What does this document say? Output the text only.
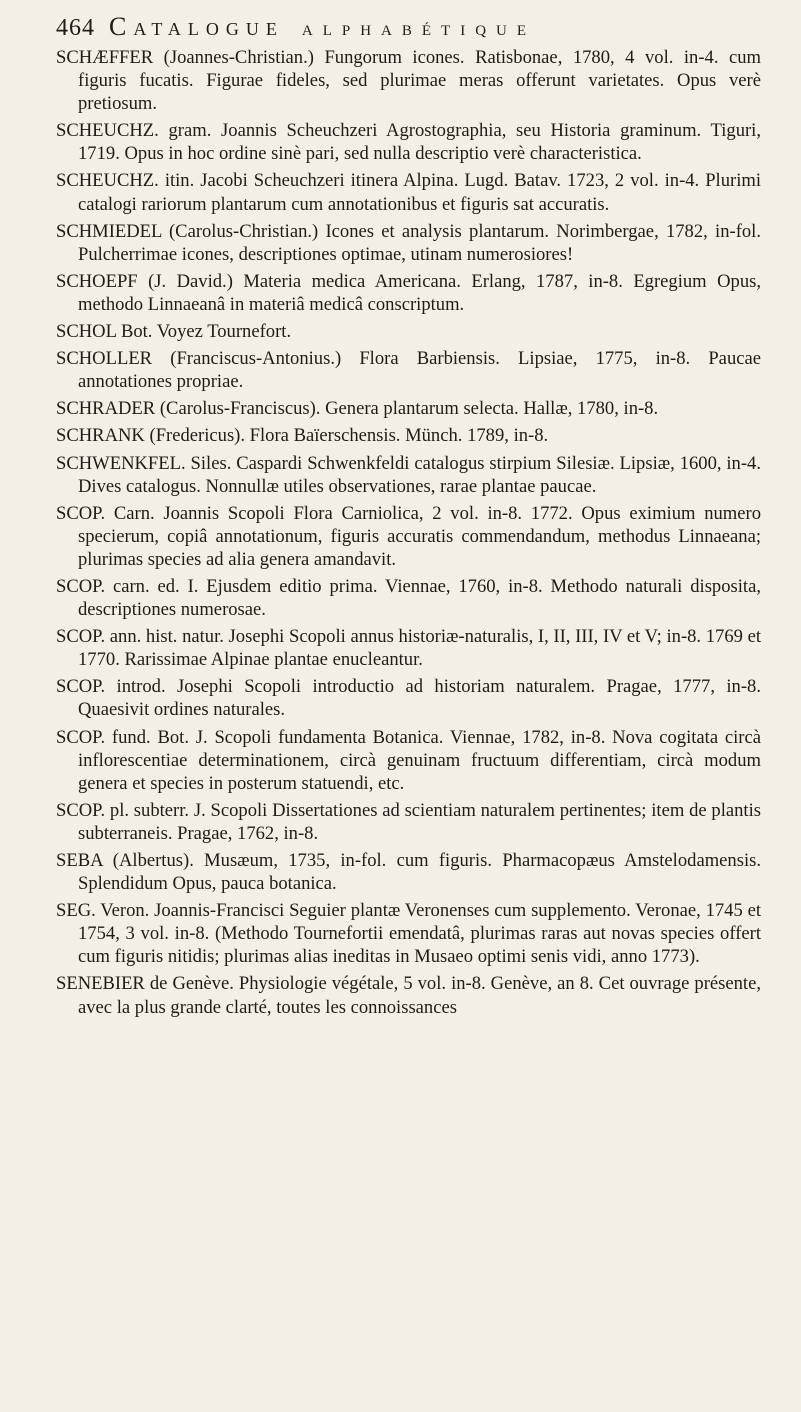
464 Catalogue alphabétique

SCHÆFFER (Joannes-Christian.) Fungorum icones. Ratisbonae, 1780, 4 vol. in-4. cum figuris fucatis. Figurae fideles, sed plurimae meras offerunt varietates. Opus verè pretiosum.

SCHEUCHZ. gram. Joannis Scheuchzeri Agrostographia, seu Historia graminum. Tiguri, 1719. Opus in hoc ordine sinè pari, sed nulla descriptio verè characteristica.

SCHEUCHZ. itin. Jacobi Scheuchzeri itinera Alpina. Lugd. Batav. 1723, 2 vol. in-4. Plurimi catalogi rariorum plantarum cum annotationibus et figuris sat accuratis.

SCHMIEDEL (Carolus-Christian.) Icones et analysis plantarum. Norimbergae, 1782, in-fol. Pulcherrimae icones, descriptiones optimae, utinam numerosiores!

SCHOEPF (J. David.) Materia medica Americana. Erlang, 1787, in-8. Egregium Opus, methodo Linnaeanâ in materiâ medicâ conscriptum.

SCHOL Bot. Voyez Tournefort.

SCHOLLER (Franciscus-Antonius.) Flora Barbiensis. Lipsiae, 1775, in-8. Paucae annotationes propriae.

SCHRADER (Carolus-Franciscus). Genera plantarum selecta. Hallæ, 1780, in-8.

SCHRANK (Fredericus). Flora Baïerschensis. Münch. 1789, in-8.

SCHWENKFEL. Siles. Caspardi Schwenkfeldi catalogus stirpium Silesiæ. Lipsiæ, 1600, in-4. Dives catalogus. Nonnullæ utiles observationes, rarae plantae paucae.

SCOP. Carn. Joannis Scopoli Flora Carniolica, 2 vol. in-8. 1772. Opus eximium numero specierum, copiâ annotationum, figuris accuratis commendandum, methodus Linnaeana; plurimas species ad alia genera amandavit.

SCOP. carn. ed. I. Ejusdem editio prima. Viennae, 1760, in-8. Methodo naturali disposita, descriptiones numerosae.

SCOP. ann. hist. natur. Josephi Scopoli annus historiæ-naturalis, I, II, III, IV et V; in-8. 1769 et 1770. Rarissimae Alpinae plantae enucleantur.

SCOP. introd. Josephi Scopoli introductio ad historiam naturalem. Pragae, 1777, in-8. Quaesivit ordines naturales.

SCOP. fund. Bot. J. Scopoli fundamenta Botanica. Viennae, 1782, in-8. Nova cogitata circà inflorescentiae determinationem, circà genuinam fructuum differentiam, circà modum genera et species in posterum statuendi, etc.

SCOP. pl. subterr. J. Scopoli Dissertationes ad scientiam naturalem pertinentes; item de plantis subterraneis. Pragae, 1762, in-8.

SEBA (Albertus). Musæum, 1735, in-fol. cum figuris. Pharmacopæus Amstelodamensis. Splendidum Opus, pauca botanica.

SEG. Veron. Joannis-Francisci Seguier plantæ Veronenses cum supplemento. Veronae, 1745 et 1754, 3 vol. in-8. (Methodo Tournefortii emendatâ, plurimas raras aut novas species offert cum figuris nitidis; plurimas alias ineditas in Musaeo optimi senis vidi, anno 1773).

SENEBIER de Genève. Physiologie végétale, 5 vol. in-8. Genève, an 8. Cet ouvrage présente, avec la plus grande clarté, toutes les connoissances
